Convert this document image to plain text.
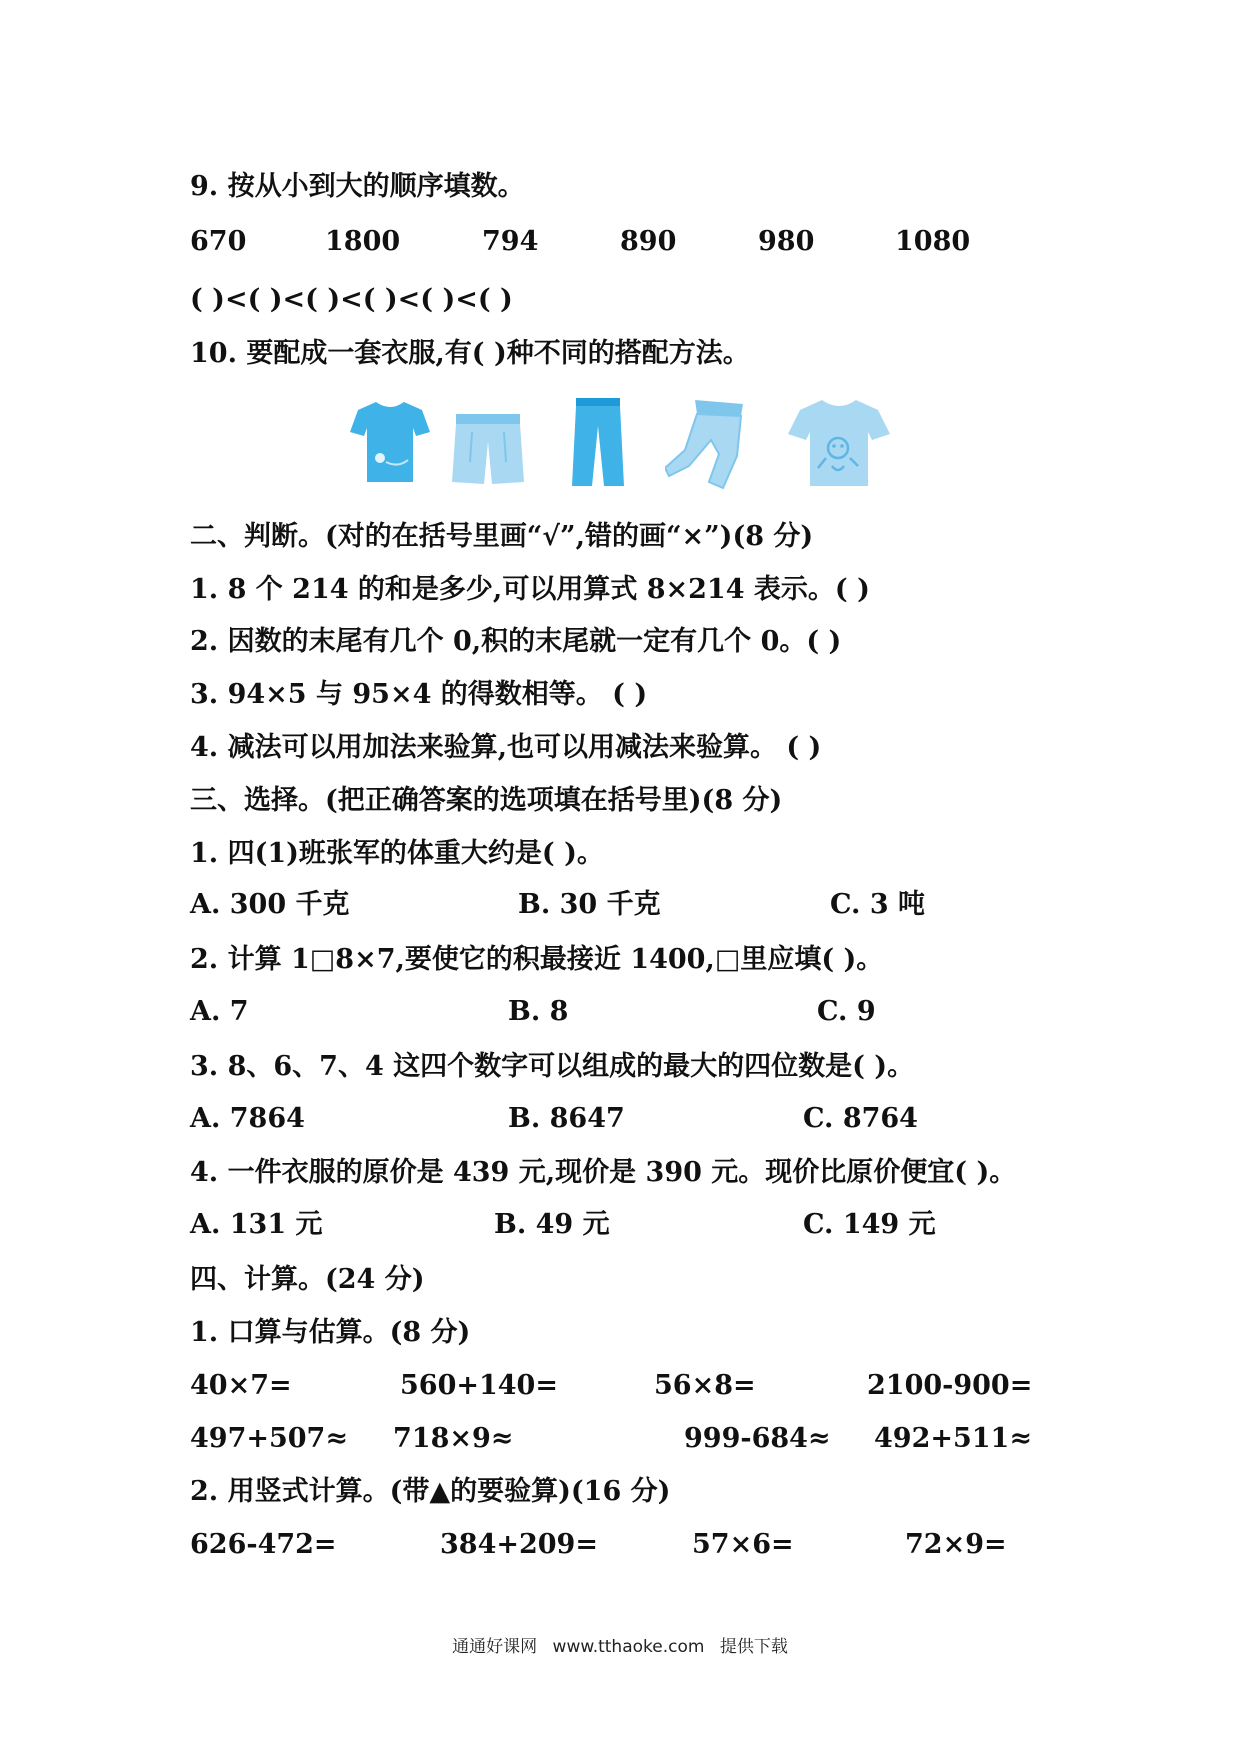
9. 按从小到大的顺序填数。
670	1800	794	890	980	1080
( )<( )<( )<( )<( )<( )
10. 要配成一套衣服,有( )种不同的搭配方法。
二、判断。(对的在括号里画“√”,错的画“×”)(8 分)
1. 8 个 214 的和是多少,可以用算式 8×214 表示。( )
2. 因数的末尾有几个 0,积的末尾就一定有几个 0。( )
3. 94×5 与 95×4 的得数相等。 ( )
4. 减法可以用加法来验算,也可以用减法来验算。 ( )
三、选择。(把正确答案的选项填在括号里)(8 分)
1. 四(1)班张军的体重大约是( )。
A. 300 千克	B. 30 千克	C. 3 吨
2. 计算 1□8×7,要使它的积最接近 1400,□里应填( )。
A. 7	B. 8	C. 9
3. 8、6、7、4 这四个数字可以组成的最大的四位数是( )。
A. 7864	B. 8647	C. 8764
4. 一件衣服的原价是 439 元,现价是 390 元。现价比原价便宜( )。
A. 131 元	B. 49 元	C. 149 元
四、计算。(24 分)
1. 口算与估算。(8 分)
40×7=	560+140=	56×8=	2100-900=
497+507≈ 718×9≈	999-684≈ 492+511≈
2. 用竖式计算。(带▲的要验算)(16 分)
626-472=	384+209=	57×6=	72×9=
通通好课网 www.tthaoke.com 提供下载
